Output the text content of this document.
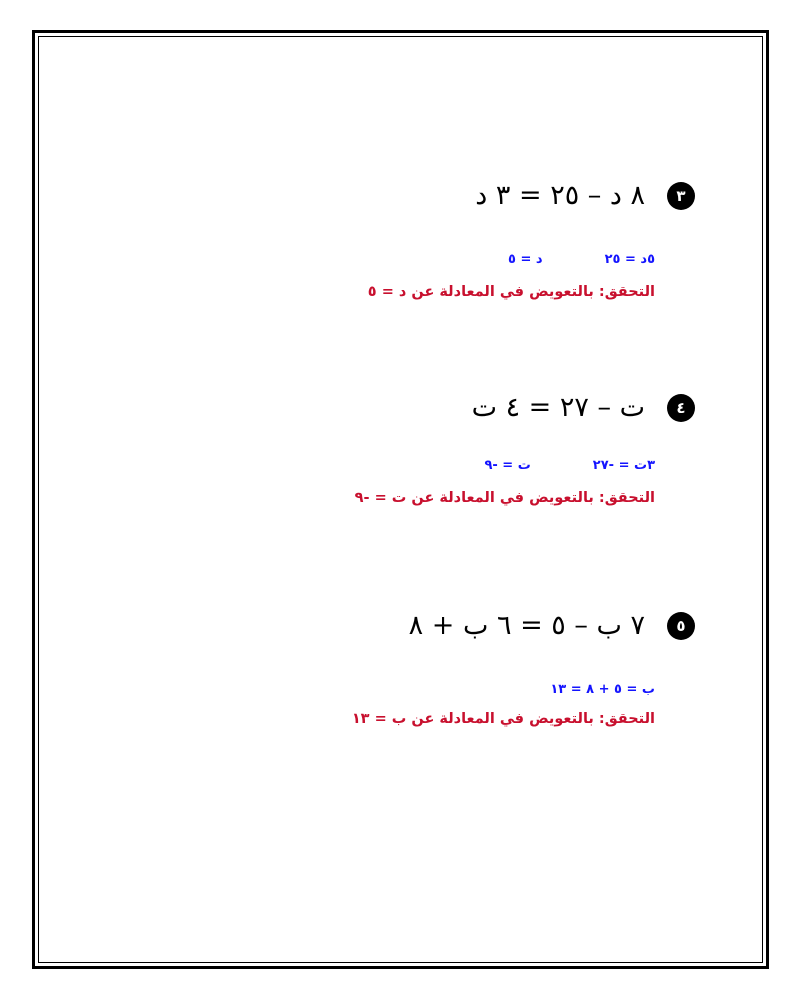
٣
٨ د – ٢٥ = ٣ د
٥د = ٢٥
د = ٥
التحقق: بالتعويض في المعادلة عن د = ٥
٤
ت – ٢٧ = ٤ ت
٣ت = -٢٧
ت = -٩
التحقق: بالتعويض في المعادلة عن ت = -٩
٥
٧ ب – ٥ = ٦ ب + ٨
ب = ٥ + ٨ = ١٣
التحقق: بالتعويض في المعادلة عن ب = ١٣
